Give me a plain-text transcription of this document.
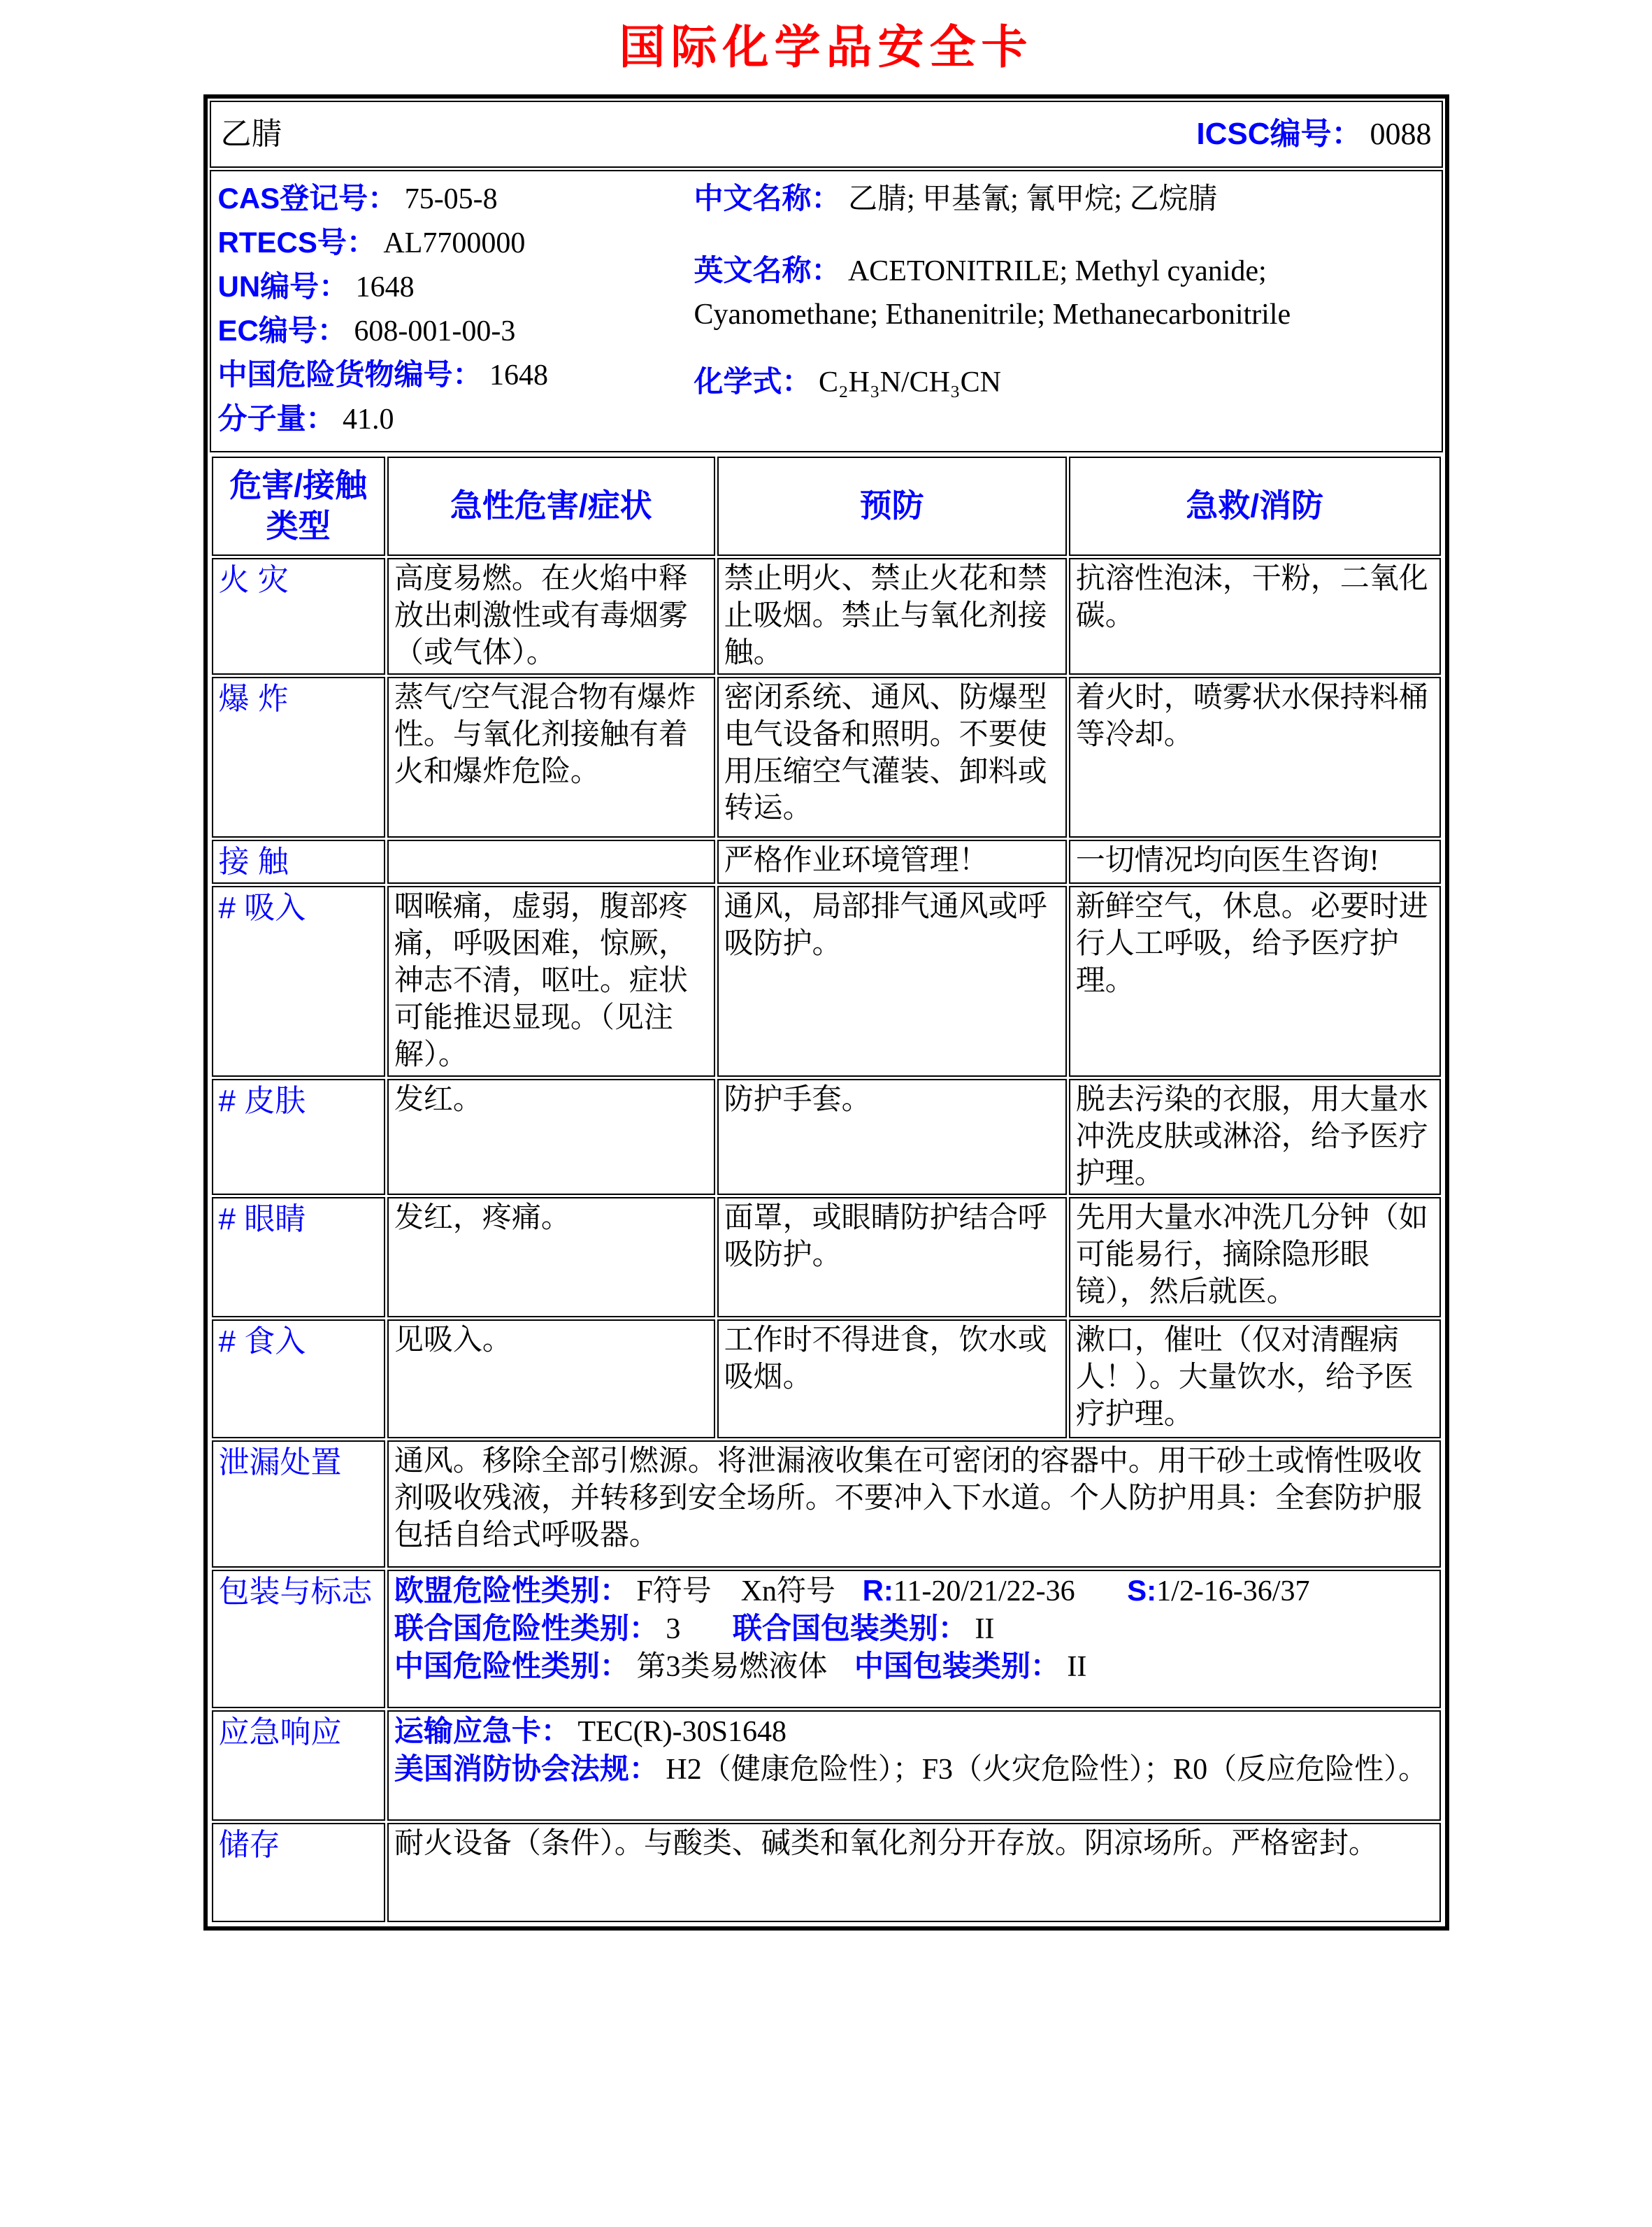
国际化学品安全卡
乙腈	ICSC编号： 0088
CAS登记号： 75-05-8
RTECS号： AL7700000
UN编号： 1648
EC编号： 608-001-00-3
中国危险货物编号： 1648
分子量： 41.0
中文名称： 乙腈; 甲基氰; 氰甲烷; 乙烷腈
英文名称： ACETONITRILE; Methyl cyanide; Cyanomethane; Ethanenitrile; Methanecarbonitrile
化学式： C₂H₃N/CH₃CN
危害/接触
类型	急性危害/症状	预防	急救/消防
火 灾	高度易燃。在火焰中释放出刺激性或有毒烟雾（或气体）。	禁止明火、禁止火花和禁止吸烟。禁止与氧化剂接触。	抗溶性泡沫，干粉，二氧化碳。
爆 炸	蒸气/空气混合物有爆炸性。与氧化剂接触有着火和爆炸危险。	密闭系统、通风、防爆型电气设备和照明。不要使用压缩空气灌装、卸料或转运。	着火时，喷雾状水保持料桶等冷却。
接 触		严格作业环境管理！	一切情况均向医生咨询!
# 吸入	咽喉痛，虚弱，腹部疼痛，呼吸困难，惊厥，神志不清，呕吐。症状可能推迟显现。（见注解）。	通风，局部排气通风或呼吸防护。	新鲜空气，休息。必要时进行人工呼吸，给予医疗护理。
# 皮肤	发红。	防护手套。	脱去污染的衣服，用大量水冲洗皮肤或淋浴，给予医疗护理。
# 眼睛	发红，疼痛。	面罩，或眼睛防护结合呼吸防护。	先用大量水冲洗几分钟（如可能易行，摘除隐形眼镜），然后就医。
# 食入	见吸入。	工作时不得进食，饮水或吸烟。	漱口，催吐（仅对清醒病人！）。大量饮水，给予医疗护理。
泄漏处置	通风。移除全部引燃源。将泄漏液收集在可密闭的容器中。用干砂土或惰性吸收剂吸收残液，并转移到安全场所。不要冲入下水道。个人防护用具：全套防护服包括自给式呼吸器。		
包装与标志	欧盟危险性类别： F符号　Xn符号 R:11-20/21/22-36 S:1/2-16-36/37
联合国危险性类别： 3 联合国包装类别： II
中国危险性类别： 第3类易燃液体 中国包装类别： II		

应急响应	运输应急卡： TEC(R)-30S1648
美国消防协会法规： H2（健康危险性）；F3（火灾危险性）；R0（反应危险性）。		

储存	耐火设备（条件）。与酸类、碱类和氧化剂分开存放。阴凉场所。严格密封。		
